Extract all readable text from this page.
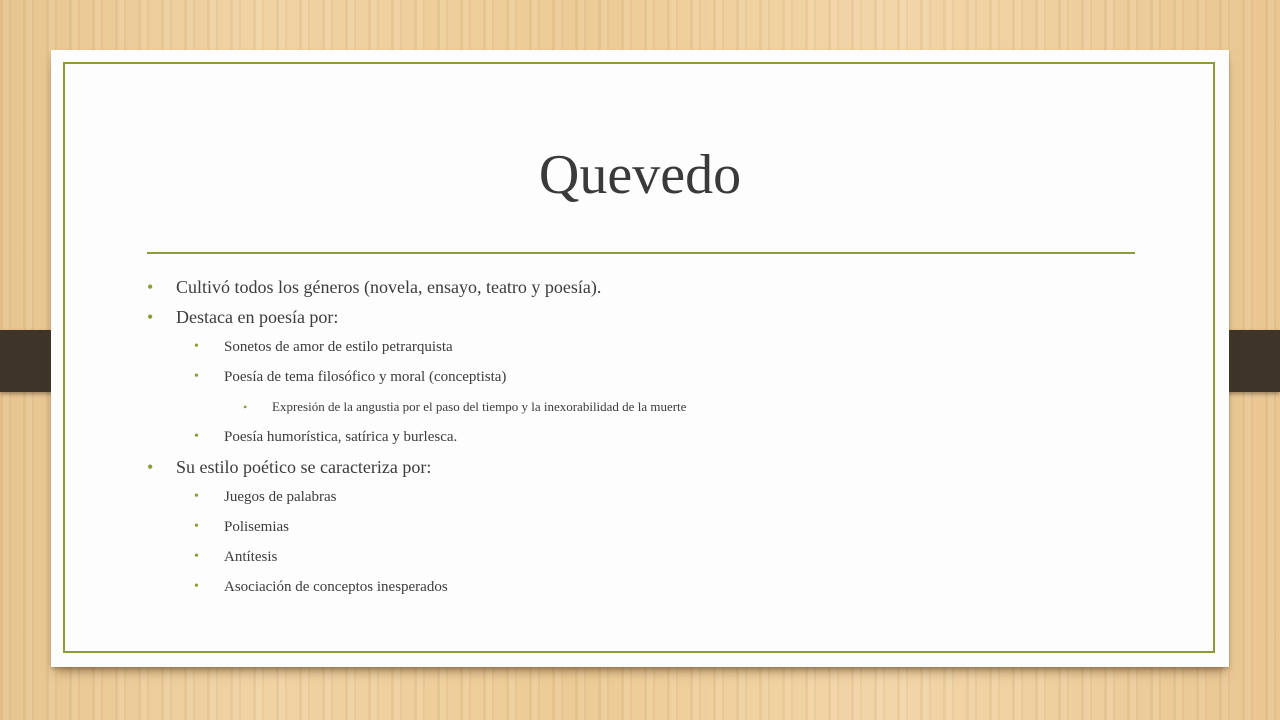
Quevedo
• Cultivó todos los géneros (novela, ensayo, teatro y poesía).
• Destaca en poesía por:
• Sonetos de amor de estilo petrarquista
• Poesía de tema filosófico y moral (conceptista)
• Expresión de la angustia por el paso del tiempo y la inexorabilidad de la muerte
• Poesía humorística, satírica y burlesca.
• Su estilo poético se caracteriza por:
• Juegos de palabras
• Polisemias
• Antítesis
• Asociación de conceptos inesperados
